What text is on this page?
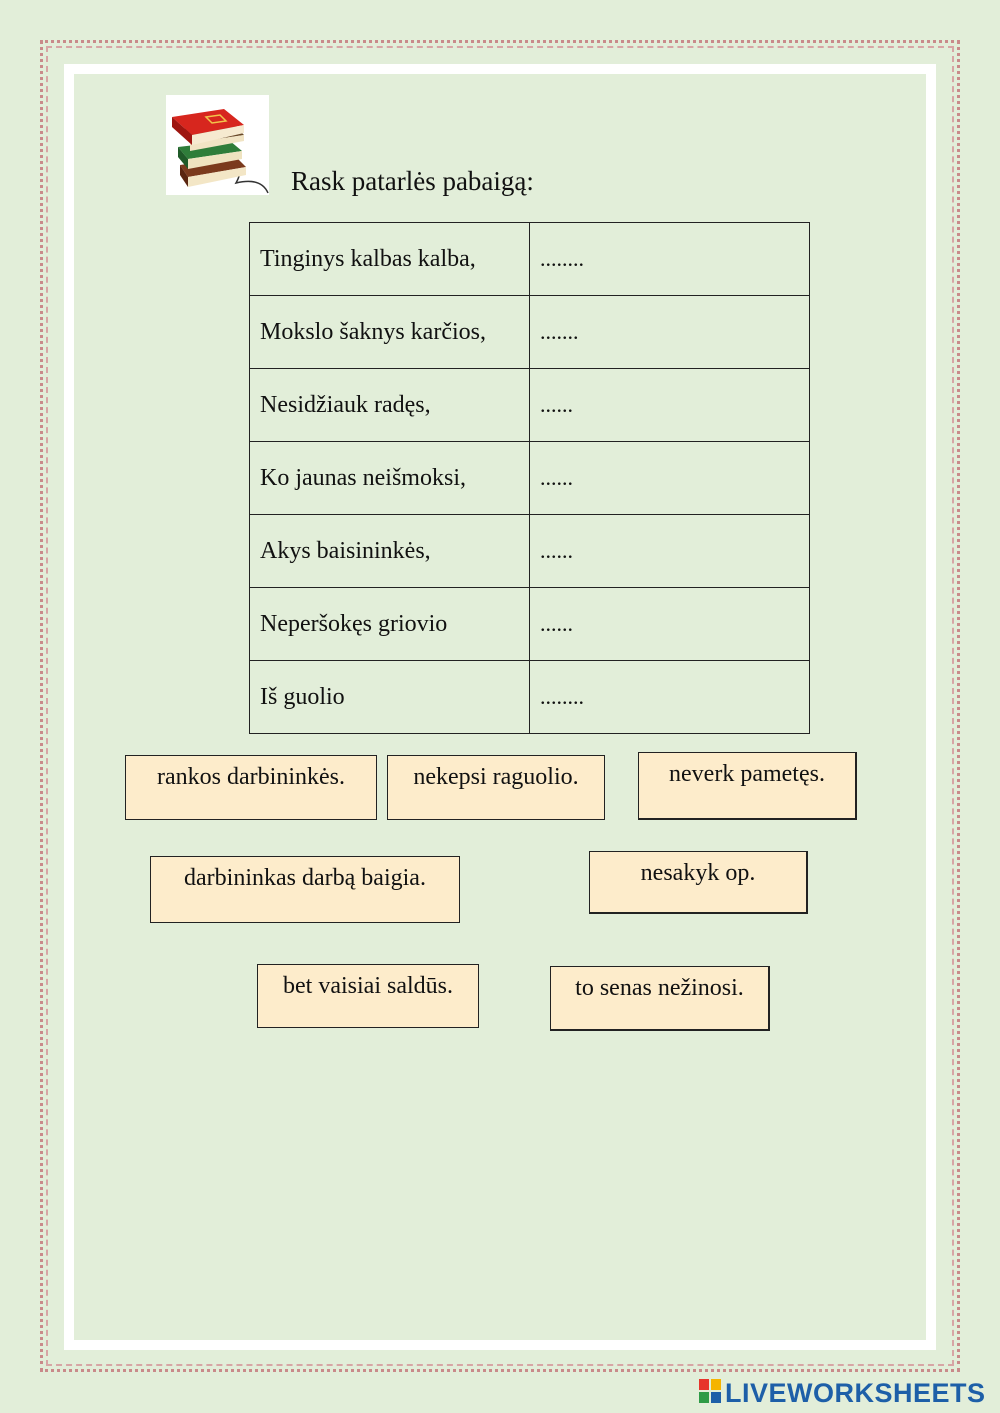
Rask patarlės pabaigą:
Tinginys kalbas kalba,	........
Mokslo šaknys karčios,	.......
Nesidžiauk radęs,	......
Ko jaunas neišmoksi,	......
Akys baisininkės,	......
Neperšokęs griovio	......
Iš guolio	........
rankos darbininkės.	nekepsi raguolio.	neverk pametęs.
darbininkas darbą baigia.	nesakyk op.
bet vaisiai saldūs.	to senas nežinosi.
LIVEWORKSHEETS
